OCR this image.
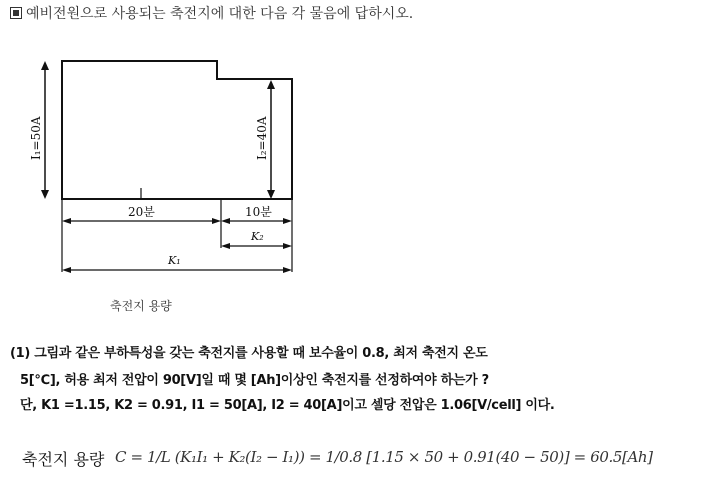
예비전원으로 사용되는 축전지에 대한 다음 각 물음에 답하시오.
I₁=50A	I₂=40A
20분	10분
K₂
K₁
축전지 용량
(1) 그림과 같은 부하특성을 갖는 축전지를 사용할 때 보수율이 0.8, 최저 축전지 온도
5[℃], 허용 최저 전압이 90[V]일 때 몇 [Ah]이상인 축전지를 선정하여야 하는가 ?
단, K1 =1.15, K2 = 0.91, I1 = 50[A], I2 = 40[A]이고 셀당 전압은 1.06[V/cell] 이다.
축전지 용량 C = 1/L (K₁I₁ + K₂(I₂ − I₁)) = 1/0.8 [1.15 × 50 + 0.91(40 − 50)] = 60.5[Ah]
